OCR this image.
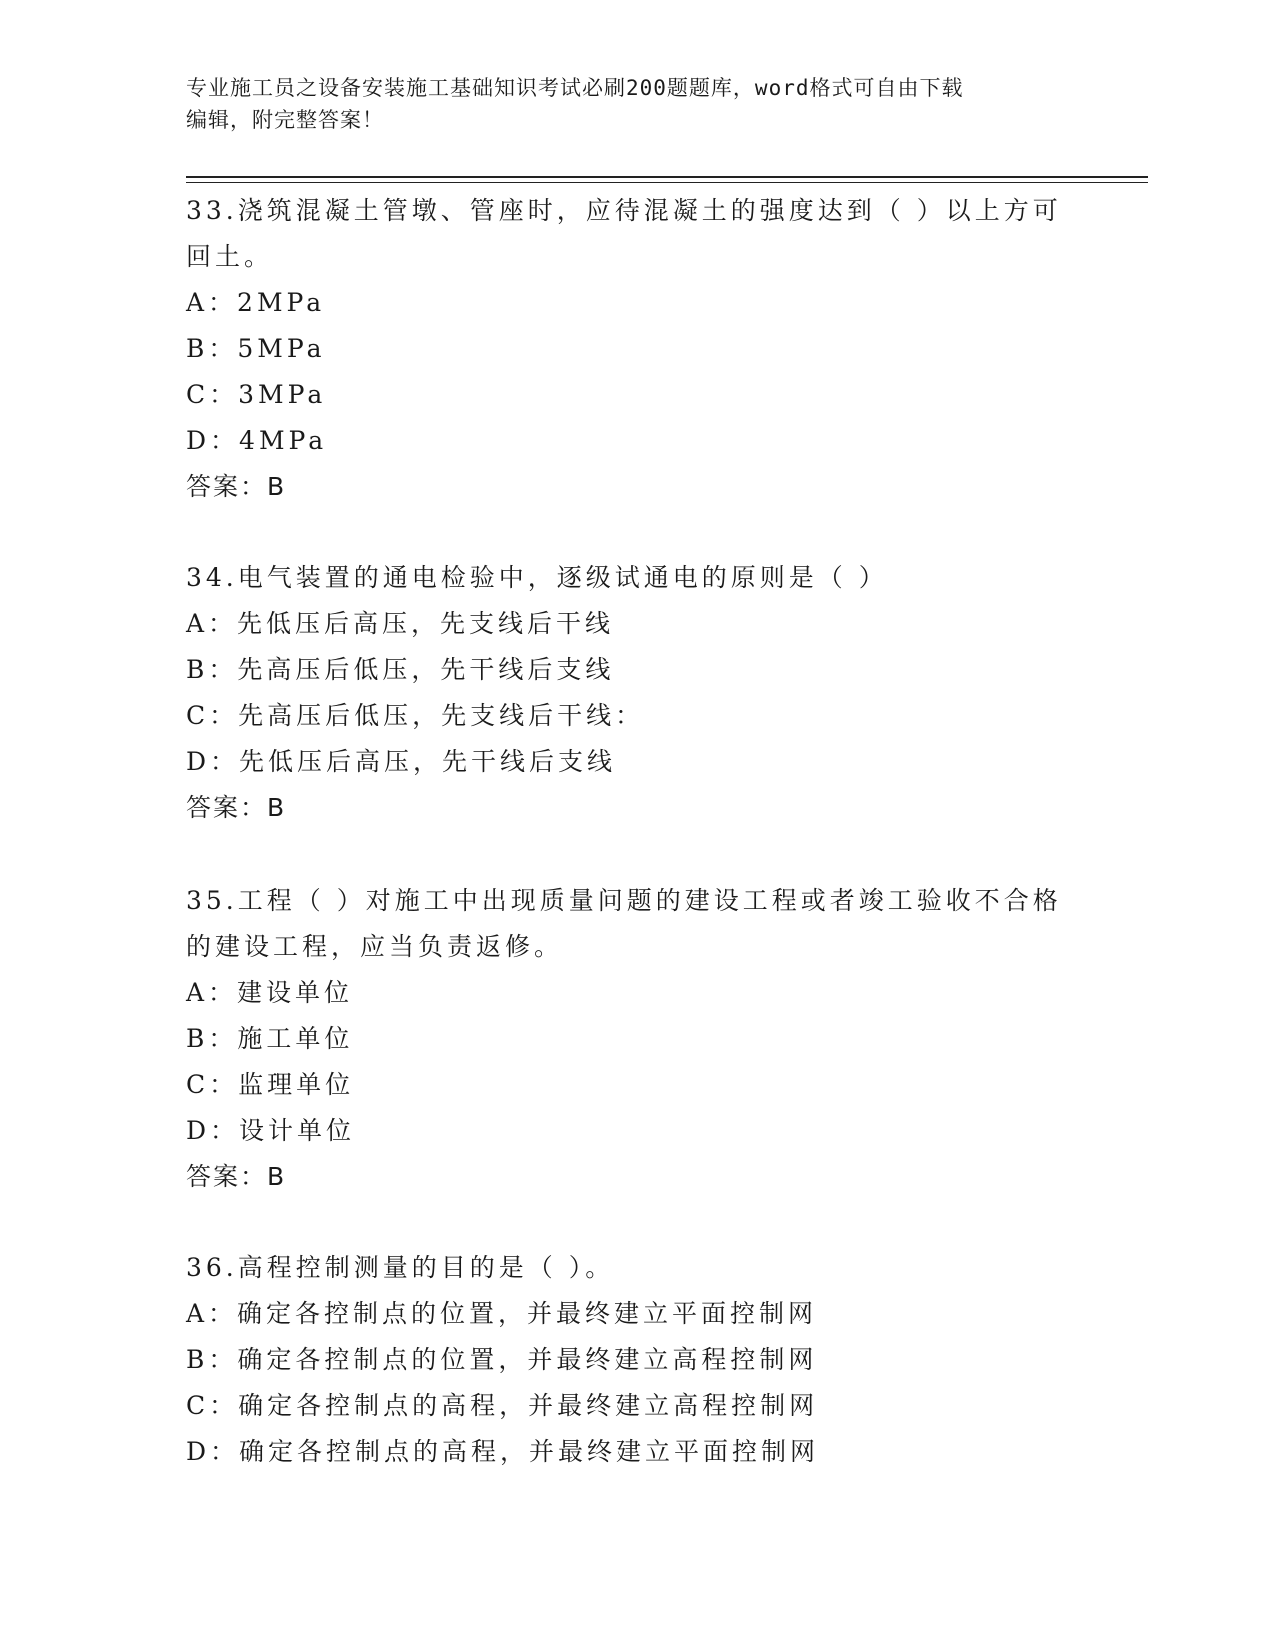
专业施工员之设备安装施工基础知识考试必刷200题题库，word格式可自由下载
编辑，附完整答案！
33.浇筑混凝土管墩、管座时，应待混凝土的强度达到（ ）以上方可
回土。
A：2MPa
B：5MPa
C：3MPa
D：4MPa
答案：B
34.电气装置的通电检验中，逐级试通电的原则是（ ）
A：先低压后高压，先支线后干线
B：先高压后低压，先干线后支线
C：先高压后低压，先支线后干线：
D：先低压后高压，先干线后支线
答案：B
35.工程（ ）对施工中出现质量问题的建设工程或者竣工验收不合格
的建设工程，应当负责返修。
A：建设单位
B：施工单位
C：监理单位
D：设计单位
答案：B
36.高程控制测量的目的是（ ）。
A：确定各控制点的位置，并最终建立平面控制网
B：确定各控制点的位置，并最终建立高程控制网
C：确定各控制点的高程，并最终建立高程控制网
D：确定各控制点的高程，并最终建立平面控制网
